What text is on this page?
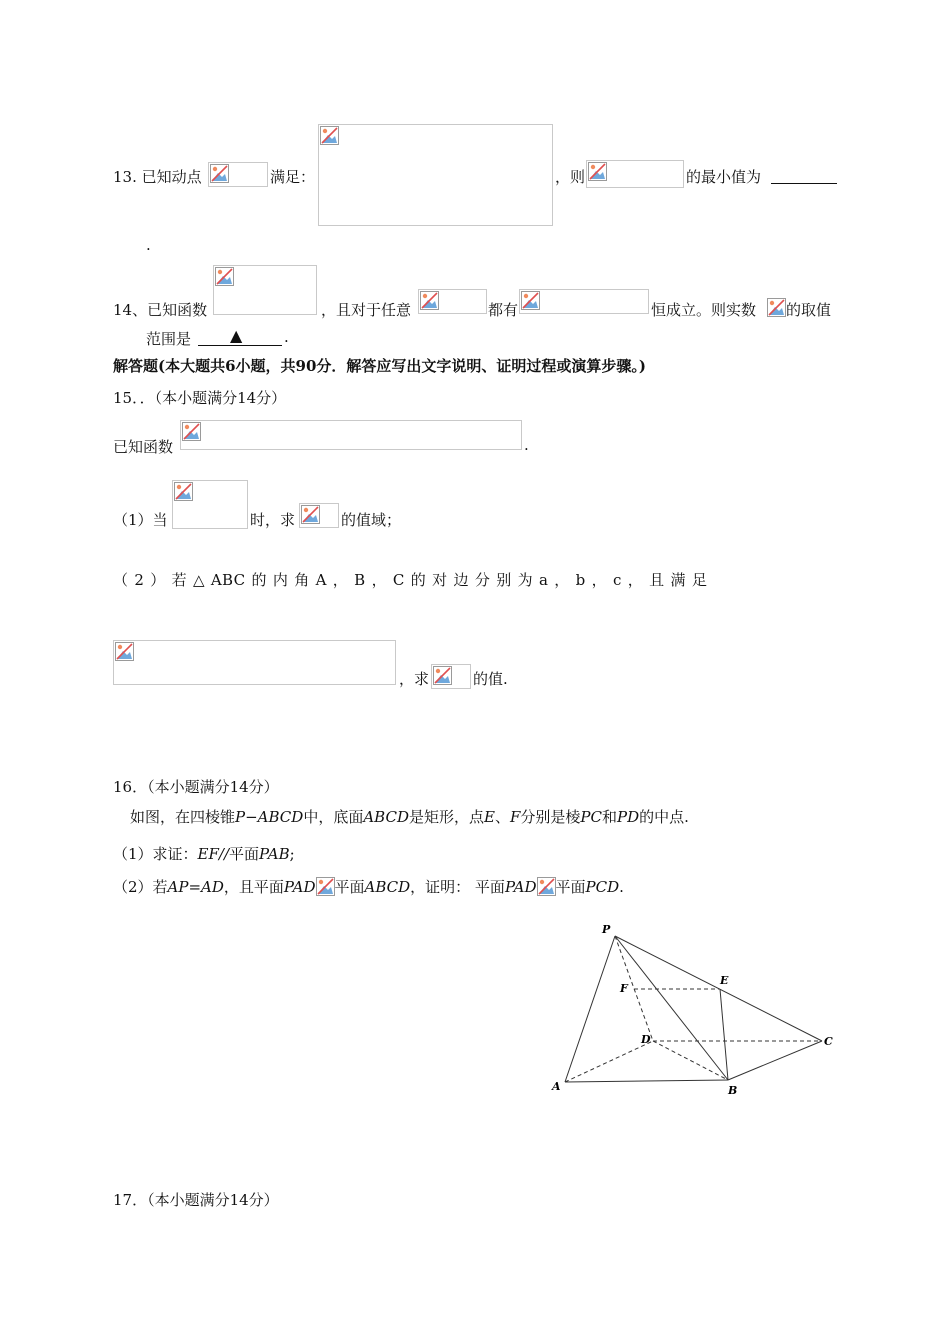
13. 已知动点	满足：	，则	的最小值为
.
14、已知函数	，且对于任意	都有	恒成立。则实数 的取值
范围是 ▲	.
解答题(本大题共6小题，共90分．解答应写出文字说明、证明过程或演算步骤。)
15．．（本小题满分14分）
已知函数	.
（1）当	时，求	的值域；
（ 2 ） 若 △ ABC 的 内 角 A ， B ， C 的 对 边 分 别 为 a ， b ， c ， 且 满 足
，求	的值.
16．（本小题满分14分）
如图，在四棱锥P−ABCD中，底面ABCD是矩形，点E、F分别是棱PC和PD的中点.
（1）求证：EF//平面PAB;
（2）若AP=AD，且平面PAD 平面ABCD，证明： 平面PAD 平面PCD.
P
E
F
D	C
A	B
17．（本小题满分14分）
